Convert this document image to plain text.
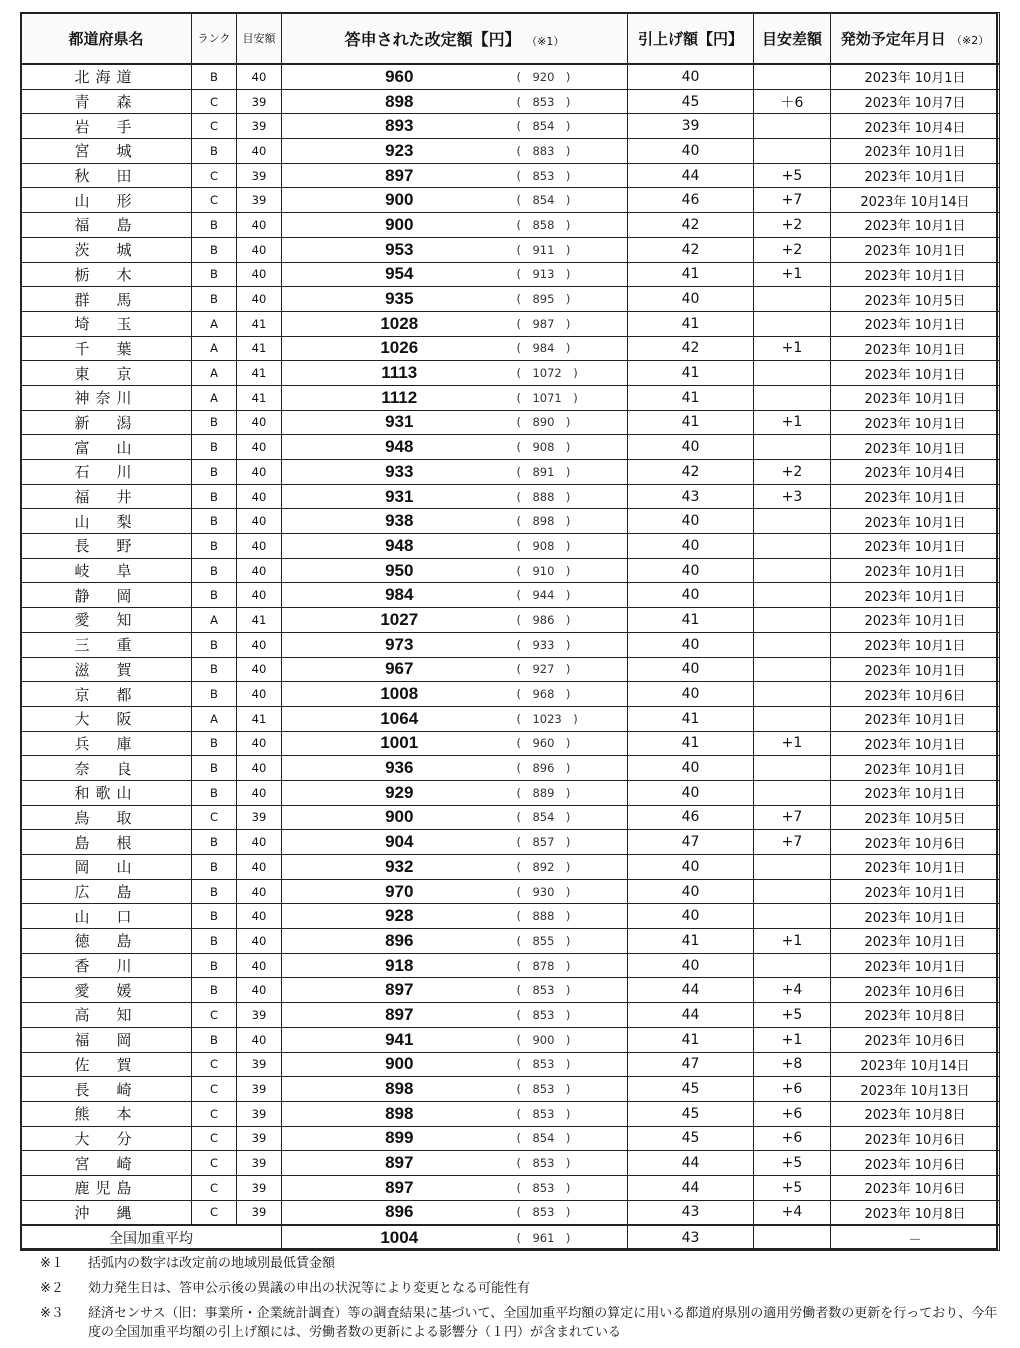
都道府県名	ランク	目安額	答申された改定額【円】 （※1）		引上げ額【円】	目安差額	発効予定年月日 （※2）
北海道	B	40	960	(　920　)	40		2023年 10月1日
青　森	C	39	898	(　853　)	45	＋6	2023年 10月7日
岩　手	C	39	893	(　854　)	39		2023年 10月4日
宮　城	B	40	923	(　883　)	40		2023年 10月1日
秋　田	C	39	897	(　853　)	44	+5	2023年 10月1日
山　形	C	39	900	(　854　)	46	+7	2023年 10月14日
福　島	B	40	900	(　858　)	42	+2	2023年 10月1日
茨　城	B	40	953	(　911　)	42	+2	2023年 10月1日
栃　木	B	40	954	(　913　)	41	+1	2023年 10月1日
群　馬	B	40	935	(　895　)	40		2023年 10月5日
埼　玉	A	41	1028	(　987　)	41		2023年 10月1日
千　葉	A	41	1026	(　984　)	42	+1	2023年 10月1日
東　京	A	41	1113	(　1072　)	41		2023年 10月1日
神奈川	A	41	1112	(　1071　)	41		2023年 10月1日
新　潟	B	40	931	(　890　)	41	+1	2023年 10月1日
富　山	B	40	948	(　908　)	40		2023年 10月1日
石　川	B	40	933	(　891　)	42	+2	2023年 10月4日
福　井	B	40	931	(　888　)	43	+3	2023年 10月1日
山　梨	B	40	938	(　898　)	40		2023年 10月1日
長　野	B	40	948	(　908　)	40		2023年 10月1日
岐　阜	B	40	950	(　910　)	40		2023年 10月1日
静　岡	B	40	984	(　944　)	40		2023年 10月1日
愛　知	A	41	1027	(　986　)	41		2023年 10月1日
三　重	B	40	973	(　933　)	40		2023年 10月1日
滋　賀	B	40	967	(　927　)	40		2023年 10月1日
京　都	B	40	1008	(　968　)	40		2023年 10月6日
大　阪	A	41	1064	(　1023　)	41		2023年 10月1日
兵　庫	B	40	1001	(　960　)	41	+1	2023年 10月1日
奈　良	B	40	936	(　896　)	40		2023年 10月1日
和歌山	B	40	929	(　889　)	40		2023年 10月1日
鳥　取	C	39	900	(　854　)	46	+7	2023年 10月5日
島　根	B	40	904	(　857　)	47	+7	2023年 10月6日
岡　山	B	40	932	(　892　)	40		2023年 10月1日
広　島	B	40	970	(　930　)	40		2023年 10月1日
山　口	B	40	928	(　888　)	40		2023年 10月1日
徳　島	B	40	896	(　855　)	41	+1	2023年 10月1日
香　川	B	40	918	(　878　)	40		2023年 10月1日
愛　媛	B	40	897	(　853　)	44	+4	2023年 10月6日
高　知	C	39	897	(　853　)	44	+5	2023年 10月8日
福　岡	B	40	941	(　900　)	41	+1	2023年 10月6日
佐　賀	C	39	900	(　853　)	47	+8	2023年 10月14日
長　崎	C	39	898	(　853　)	45	+6	2023年 10月13日
熊　本	C	39	898	(　853　)	45	+6	2023年 10月8日
大　分	C	39	899	(　854　)	45	+6	2023年 10月6日
宮　崎	C	39	897	(　853　)	44	+5	2023年 10月6日
鹿児島	C	39	897	(　853　)	44	+5	2023年 10月6日
沖　縄	C	39	896	(　853　)	43	+4	2023年 10月8日
全国加重平均			1004	(　961　)	43		－
※１	括弧内の数字は改定前の地域別最低賃金額
※２	効力発生日は、答申公示後の異議の申出の状況等により変更となる可能性有
※３	経済センサス（旧：事業所・企業統計調査）等の調査結果に基づいて、全国加重平均額の算定に用いる都道府県別の適用労働者数の更新を行っており、今年度の全国加重平均額の引上げ額には、労働者数の更新による影響分（１円）が含まれている
